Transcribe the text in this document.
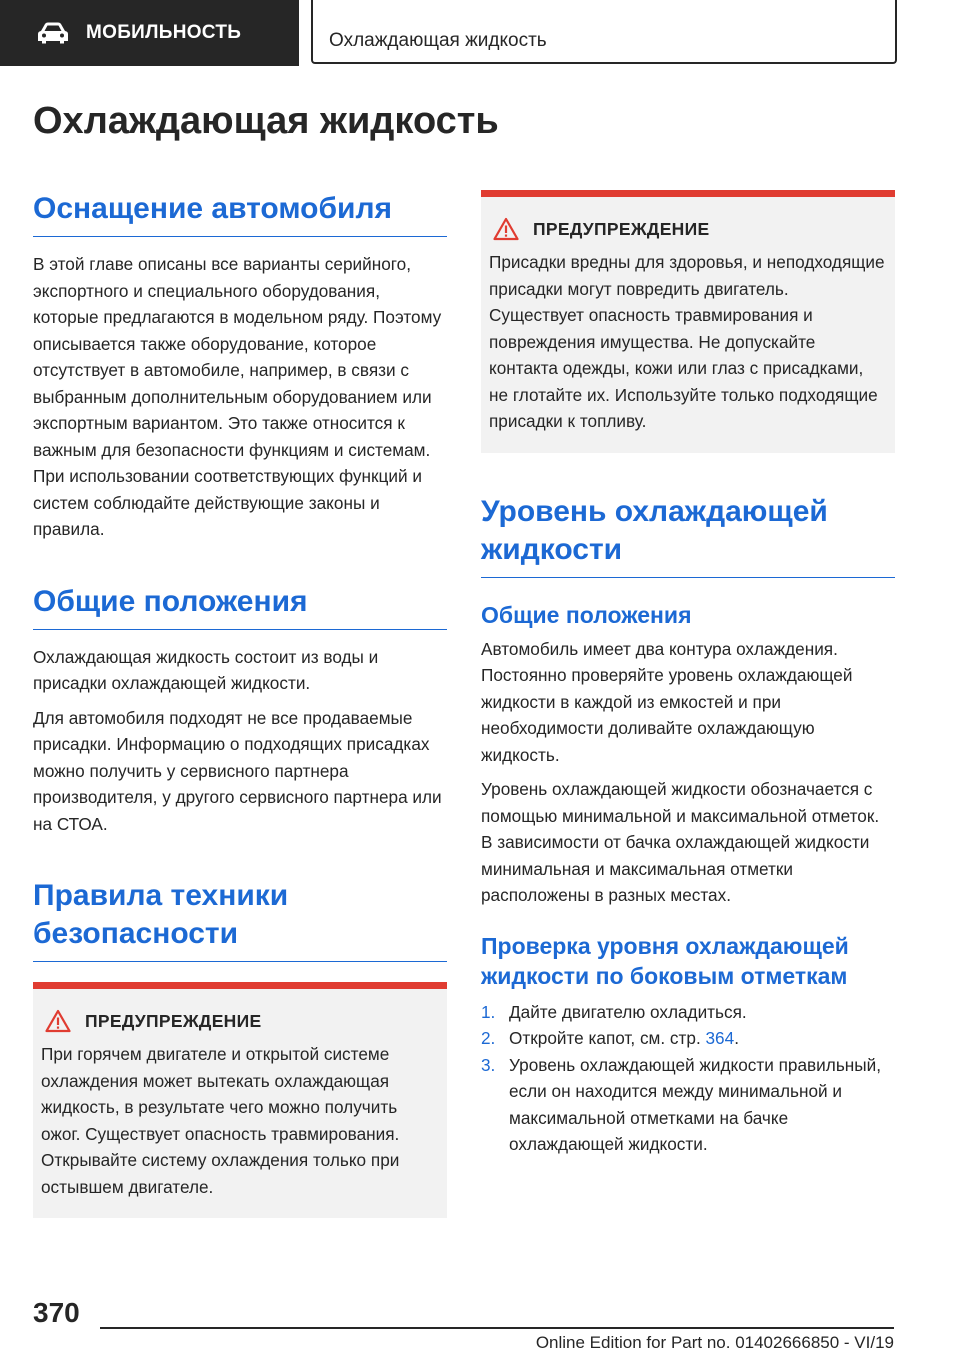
МОБИЛЬНОСТЬ	Охлаждающая жидкость
Охлаждающая жидкость
Оснащение автомобиля

В этой главе описаны все варианты серийного, экспортного и специального оборудования, которые предлагаются в модельном ряду. Поэтому описывается также оборудование, которое отсутствует в автомобиле, например, в связи с выбранным дополнительным оборудованием или экспортным вариантом. Это также относится к важным для безопасности функциям и системам. При использовании соответствующих функций и систем соблюдайте действующие законы и правила.

Общие положения

Охлаждающая жидкость состоит из воды и присадки охлаждающей жидкости.

Для автомобиля подходят не все продаваемые присадки. Информацию о подходящих присадках можно получить у сервисного партнера производителя, у другого сервисного партнера или на СТОА.

Правила техники безопасности
ПРЕДУПРЕЖДЕНИЕ

При горячем двигателе и открытой системе охлаждения может вытекать охлаждающая жидкость, в результате чего можно получить ожог. Существует опасность травмирования. Открывайте систему охлаждения только при остывшем двигателе.

ПРЕДУПРЕЖДЕНИЕ

Присадки вредны для здоровья, и неподходящие присадки могут повредить двигатель. Существует опасность травмирования и повреждения имущества. Не допускайте контакта одежды, кожи или глаз с присадками, не глотайте их. Используйте только подходящие присадки к топливу.

Уровень охлаждающей жидкости
Общие положения

Автомобиль имеет два контура охлаждения. Постоянно проверяйте уровень охлаждающей жидкости в каждой из емкостей и при необходимости доливайте охлаждающую жидкость.

Уровень охлаждающей жидкости обозначается с помощью минимальной и максимальной отметок. В зависимости от бачка охлаждающей жидкости минимальная и максимальная отметки расположены в разных местах.

Проверка уровня охлаждающей жидкости по боковым отметкам
1. Дайте двигателю охладиться.
2. Откройте капот, см. стр. 364.
3. Уровень охлаждающей жидкости правильный, если он находится между минимальной и максимальной отметками на бачке охлаждающей жидкости.
370
Online Edition for Part no. 01402666850 - VI/19
